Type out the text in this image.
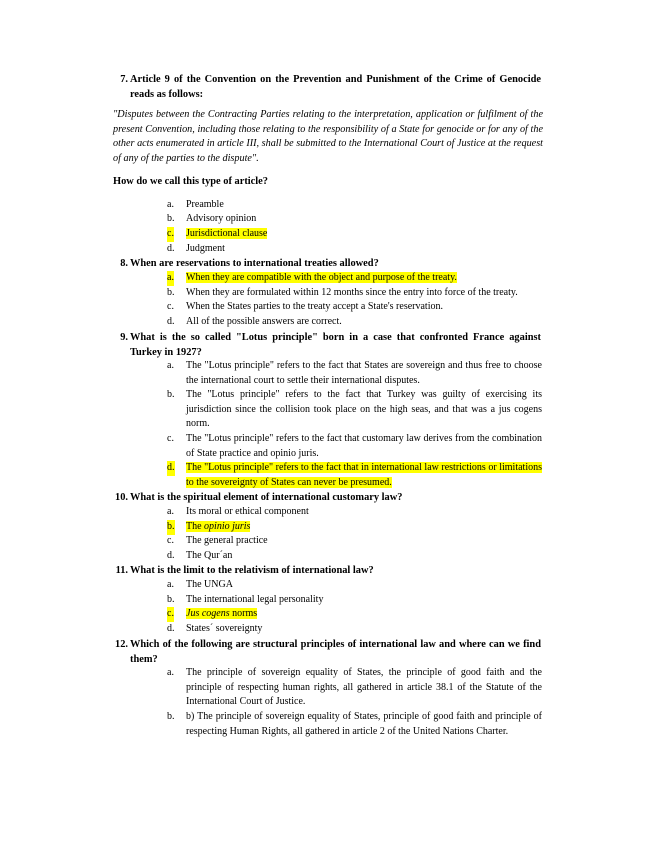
7. Article 9 of the Convention on the Prevention and Punishment of the Crime of Genocide reads as follows:
"Disputes between the Contracting Parties relating to the interpretation, application or fulfilment of the present Convention, including those relating to the responsibility of a State for genocide or for any of the other acts enumerated in article III, shall be submitted to the International Court of Justice at the request of any of the parties to the dispute".
How do we call this type of article?
a. Preamble
b. Advisory opinion
c. Jurisdictional clause
d. Judgment
8. When are reservations to international treaties allowed?
a. When they are compatible with the object and purpose of the treaty.
b. When they are formulated within 12 months since the entry into force of the treaty.
c. When the States parties to the treaty accept a State's reservation.
d. All of the possible answers are correct.
9. What is the so called "Lotus principle" born in a case that confronted France against Turkey in 1927?
a. The "Lotus principle" refers to the fact that States are sovereign and thus free to choose the international court to settle their international disputes.
b. The "Lotus principle" refers to the fact that Turkey was guilty of exercising its jurisdiction since the collision took place on the high seas, and that was a jus cogens norm.
c. The "Lotus principle" refers to the fact that customary law derives from the combination of State practice and opinio juris.
d. The "Lotus principle" refers to the fact that in international law restrictions or limitations to the sovereignty of States can never be presumed.
10. What is the spiritual element of international customary law?
a. Its moral or ethical component
b. The opinio juris
c. The general practice
d. The Qur´an
11. What is the limit to the relativism of international law?
a. The UNGA
b. The international legal personality
c. Jus cogens norms
d. States´ sovereignty
12. Which of the following are structural principles of international law and where can we find them?
a. The principle of sovereign equality of States, the principle of good faith and the principle of respecting human rights, all gathered in article 38.1 of the Statute of the International Court of Justice.
b. b) The principle of sovereign equality of States, principle of good faith and principle of respecting Human Rights, all gathered in article 2 of the United Nations Charter.
